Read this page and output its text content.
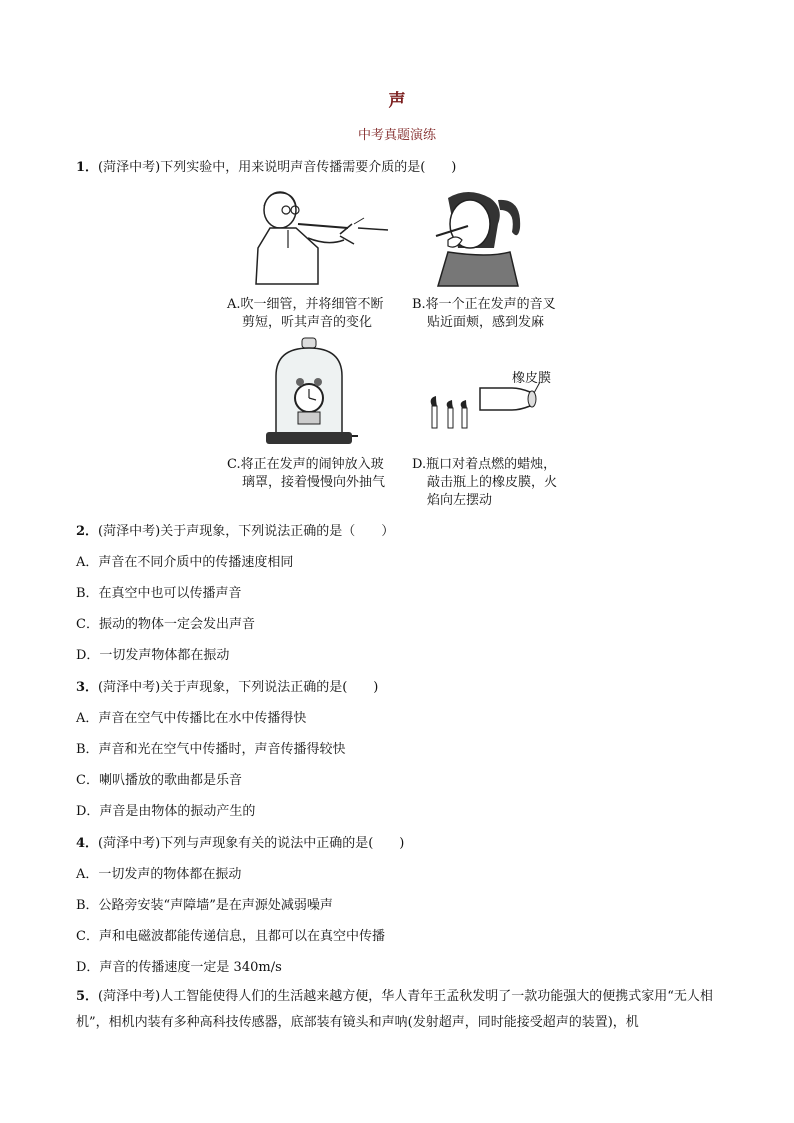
声
中考真题演练
1．(菏泽中考)下列实验中，用来说明声音传播需要介质的是(　　)
A.吹一细管，并将细管不断
剪短，听其声音的变化
B.将一个正在发声的音叉
贴近面颊，感到发麻
橡皮膜
C.将正在发声的闹钟放入玻
璃罩，接着慢慢向外抽气
D.瓶口对着点燃的蜡烛，
敲击瓶上的橡皮膜，火
焰向左摆动
2．(菏泽中考)关于声现象，下列说法正确的是（　　）
A．声音在不同介质中的传播速度相同
B．在真空中也可以传播声音
C．振动的物体一定会发出声音
D．一切发声物体都在振动
3．(菏泽中考)关于声现象，下列说法正确的是(　　)
A．声音在空气中传播比在水中传播得快
B．声音和光在空气中传播时，声音传播得较快
C．喇叭播放的歌曲都是乐音
D．声音是由物体的振动产生的
4．(菏泽中考)下列与声现象有关的说法中正确的是(　　)
A．一切发声的物体都在振动
B．公路旁安装“声障墙”是在声源处减弱噪声
C．声和电磁波都能传递信息，且都可以在真空中传播
D．声音的传播速度一定是 340m/s
5．(菏泽中考)人工智能使得人们的生活越来越方便，华人青年王孟秋发明了一款功能强大的便携式家用“无人相机”，相机内装有多种高科技传感器，底部装有镜头和声呐(发射超声，同时能接受超声的装置)，机
